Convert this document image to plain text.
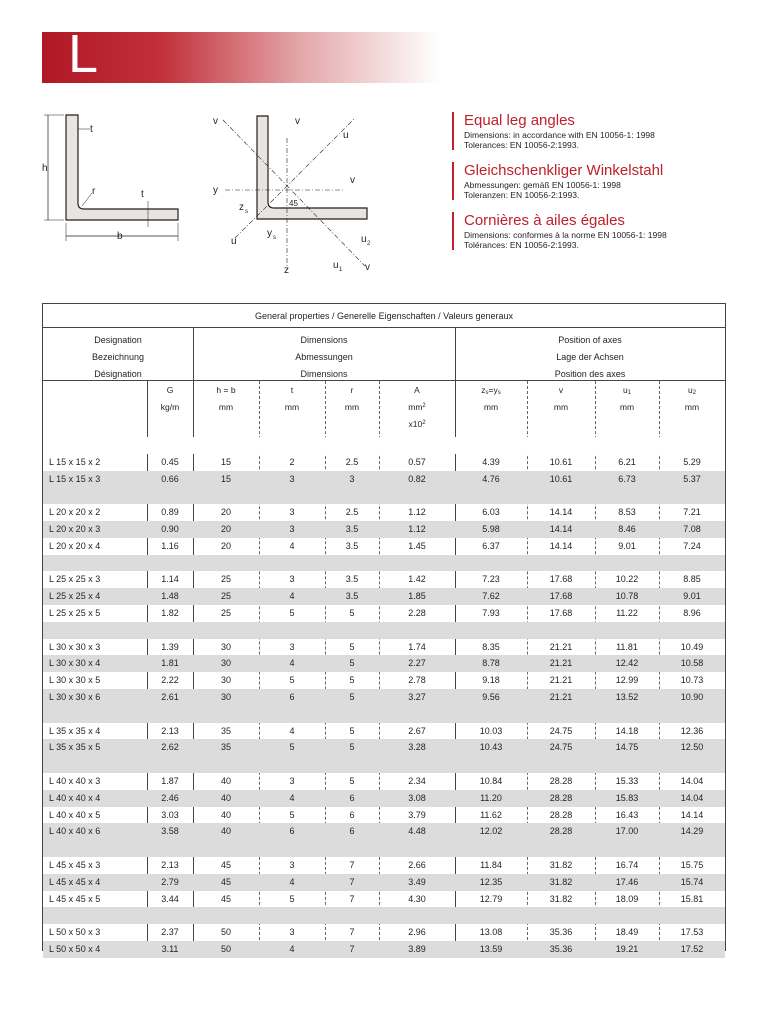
L
h
t
r	t
b
v	v
u
v
y
z s
45
u
y s	u 2
u 1 v
z
Equal leg angles

Dimensions: in accordance with EN 10056-1: 1998

Tolerances: EN 10056-2:1993.

Gleichschenkliger Winkelstahl

Abmessungen: gemäß EN 10056-1: 1998

Toleranzen: EN 10056-2:1993.

Cornières à ailes égales

Dimensions: conformes à la norme EN 10056-1: 1998

Tolérances: EN 10056-2:1993.

General properties / Generelle Eigenschaften / Valeurs generaux
Designation
Bezeichnung
Désignation
Dimensions
Abmessungen
Dimensions
Position of axes
Lage der Achsen
Position des axes
G
kg/m
h = b
mm
t
mm
r
mm
A
$mm^2$
$x10^2$
$z_s=y_s$
mm
v
mm
$u_1$
mm
$u_2$
mm
L 15 x 15 x 2	0.45	15	2	2.5	0.57	4.39	10.61	6.21	5.29
L 15 x 15 x 3	0.66	15	3	3	0.82	4.76	10.61	6.73	5.37
L 20 x 20 x 2	0.89	20	3	2.5	1.12	6.03	14.14	8.53	7.21
L 20 x 20 x 3	0.90	20	3	3.5	1.12	5.98	14.14	8.46	7.08
L 20 x 20 x 4	1.16	20	4	3.5	1.45	6.37	14.14	9.01	7.24
L 25 x 25 x 3	1.14	25	3	3.5	1.42	7.23	17.68	10.22	8.85
L 25 x 25 x 4	1.48	25	4	3.5	1.85	7.62	17.68	10.78	9.01
L 25 x 25 x 5	1.82	25	5	5	2.28	7.93	17.68	11.22	8.96
L 30 x 30 x 3	1.39	30	3	5	1.74	8.35	21.21	11.81	10.49
L 30 x 30 x 4	1.81	30	4	5	2.27	8.78	21.21	12.42	10.58
L 30 x 30 x 5	2.22	30	5	5	2.78	9.18	21.21	12.99	10.73
L 30 x 30 x 6	2.61	30	6	5	3.27	9.56	21.21	13.52	10.90
L 35 x 35 x 4	2.13	35	4	5	2.67	10.03	24.75	14.18	12.36
L 35 x 35 x 5	2.62	35	5	5	3.28	10.43	24.75	14.75	12.50
L 40 x 40 x 3	1.87	40	3	5	2.34	10.84	28.28	15.33	14.04
L 40 x 40 x 4	2.46	40	4	6	3.08	11.20	28.28	15.83	14.04
L 40 x 40 x 5	3.03	40	5	6	3.79	11.62	28.28	16.43	14.14
L 40 x 40 x 6	3.58	40	6	6	4.48	12.02	28.28	17.00	14.29
L 45 x 45 x 3	2.13	45	3	7	2.66	11.84	31.82	16.74	15.75
L 45 x 45 x 4	2.79	45	4	7	3.49	12.35	31.82	17.46	15.74
L 45 x 45 x 5	3.44	45	5	7	4.30	12.79	31.82	18.09	15.81
L 50 x 50 x 3	2.37	50	3	7	2.96	13.08	35.36	18.49	17.53
L 50 x 50 x 4	3.11	50	4	7	3.89	13.59	35.36	19.21	17.52
